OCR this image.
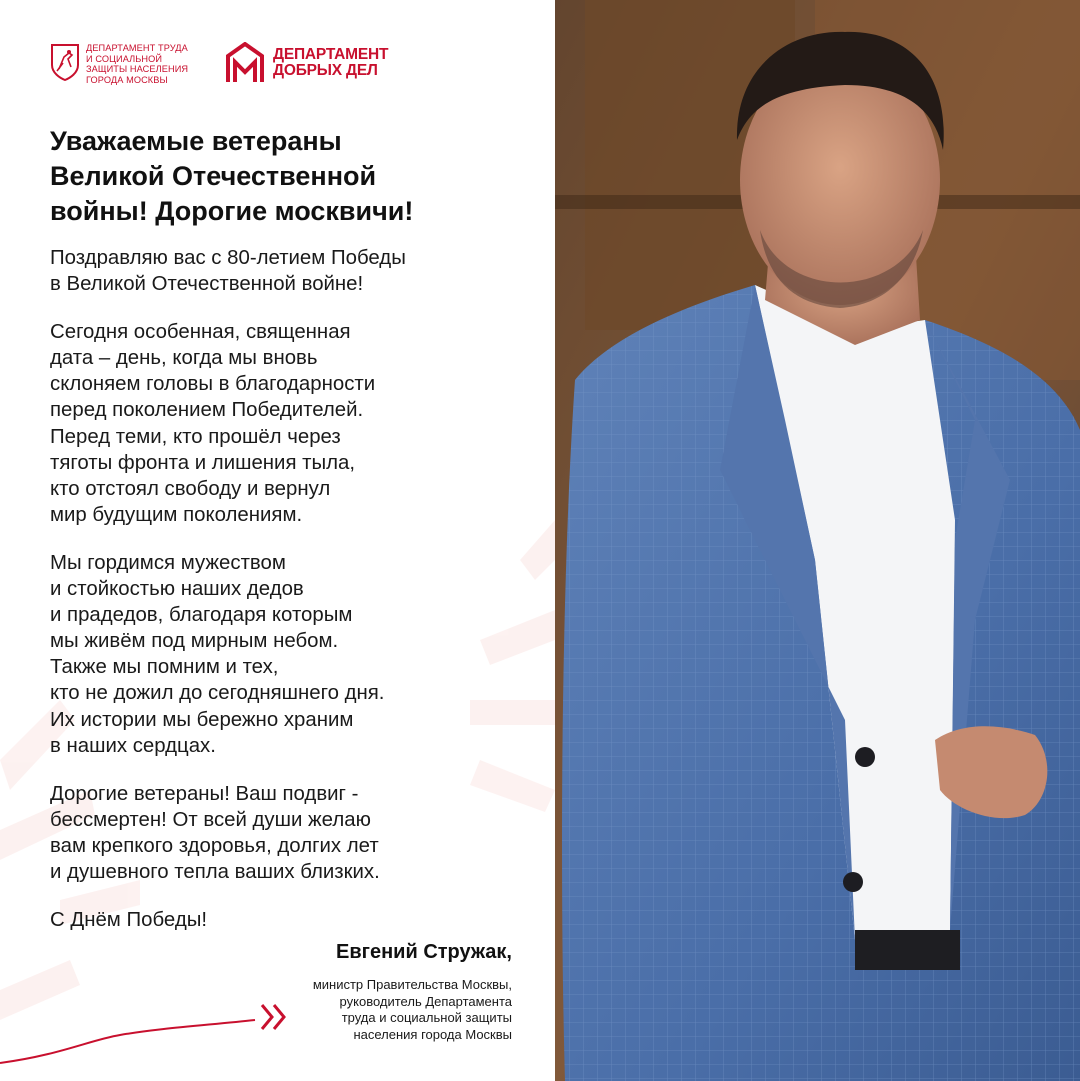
ДЕПАРТАМЕНТ ТРУДА
И СОЦИАЛЬНОЙ
ЗАЩИТЫ НАСЕЛЕНИЯ
ГОРОДА МОСКВЫ
ДЕПАРТАМЕНТ
ДОБРЫХ ДЕЛ
Уважаемые ветераны
Великой Отечественной
войны! Дорогие москвичи!

Поздравляю вас с 80-летием Победы
в Великой Отечественной войне!

Сегодня особенная, священная
дата – день, когда мы вновь
склоняем головы в благодарности
перед поколением Победителей.
Перед теми, кто прошёл через
тяготы фронта и лишения тыла,
кто отстоял свободу и вернул
мир будущим поколениям.

Мы гордимся мужеством
и стойкостью наших дедов
и прадедов, благодаря которым
мы живём под мирным небом.
Также мы помним и тех,
кто не дожил до сегодняшнего дня.
Их истории мы бережно храним
в наших сердцах.

Дорогие ветераны! Ваш подвиг -
бессмертен! От всей души желаю
вам крепкого здоровья, долгих лет
и душевного тепла ваших близких.

С Днём Победы!

Евгений Стружак,
министр Правительства Москвы,
руководитель Департамента
труда и социальной защиты
населения города Москвы
